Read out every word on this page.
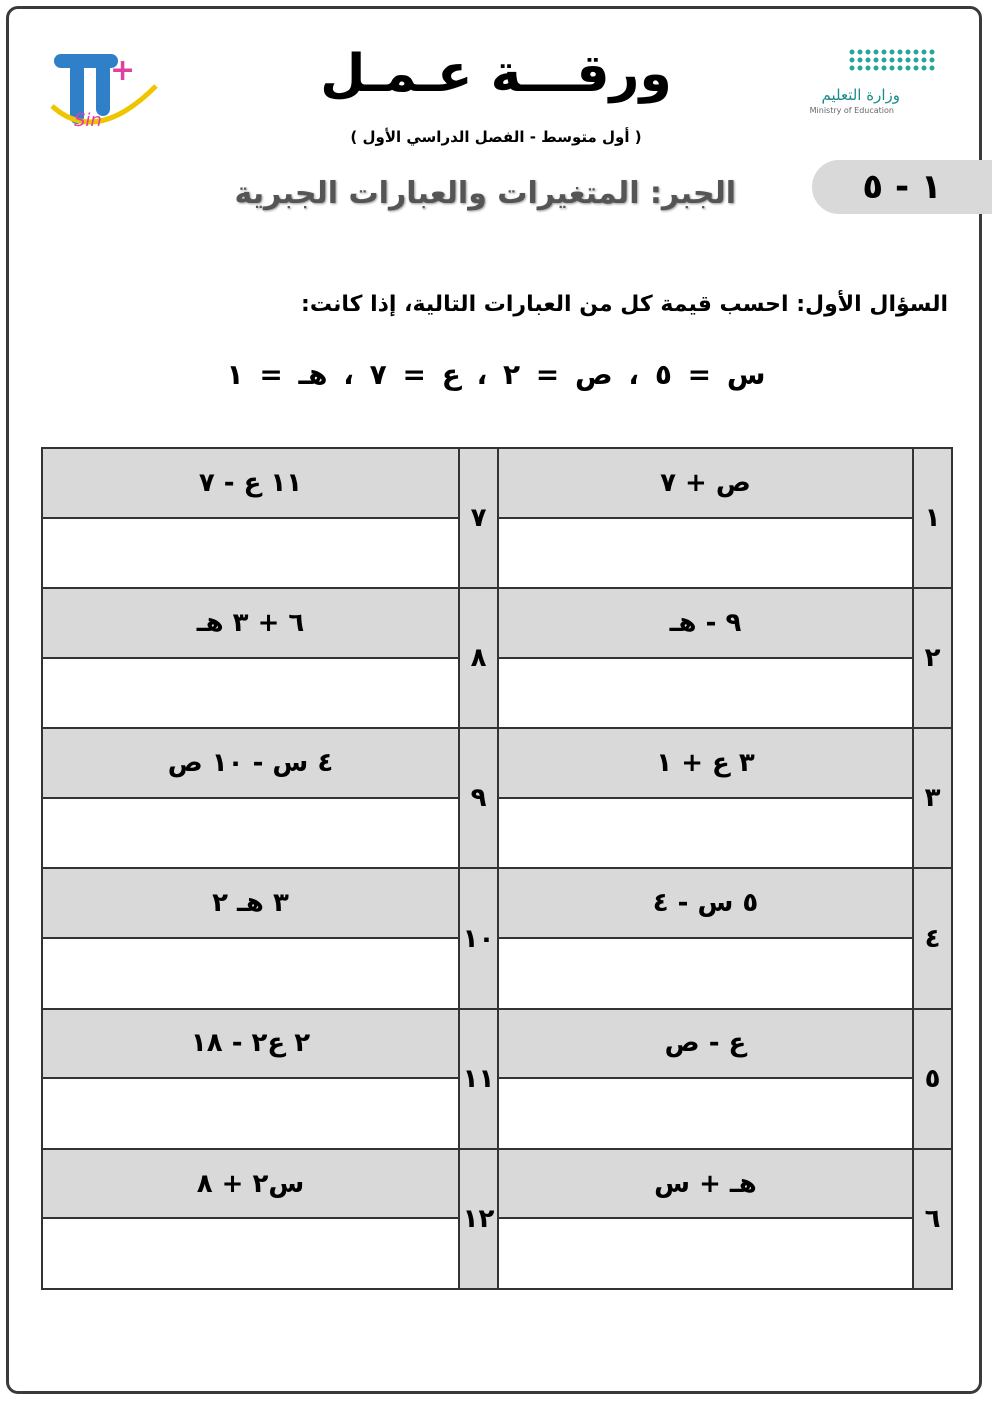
+
Sin
وزارة التعليم
Ministry of Education
ورقـــة عـمـل
( أول متوسط - الفصل الدراسي الأول )
١ - ٥
الجبر: المتغيرات والعبارات الجبرية
السؤال الأول: احسب قيمة كل من العبارات التالية، إذا كانت:
س = ٥ ، ص = ٢ ، ع = ٧ ، هـ = ١
١	ص + ٧	٧	١١ ع - ٧

٢	٩ - هـ	٨	٦ + ٣ هـ

٣	٣ ع + ١	٩	٤ س - ١٠ ص

٤	٥ س - ٤	١٠	٣ هـ ٢

٥	ع - ص	١١	٢ ع٢ - ١٨

٦	هـ + س	١٢	س٢ + ٨
